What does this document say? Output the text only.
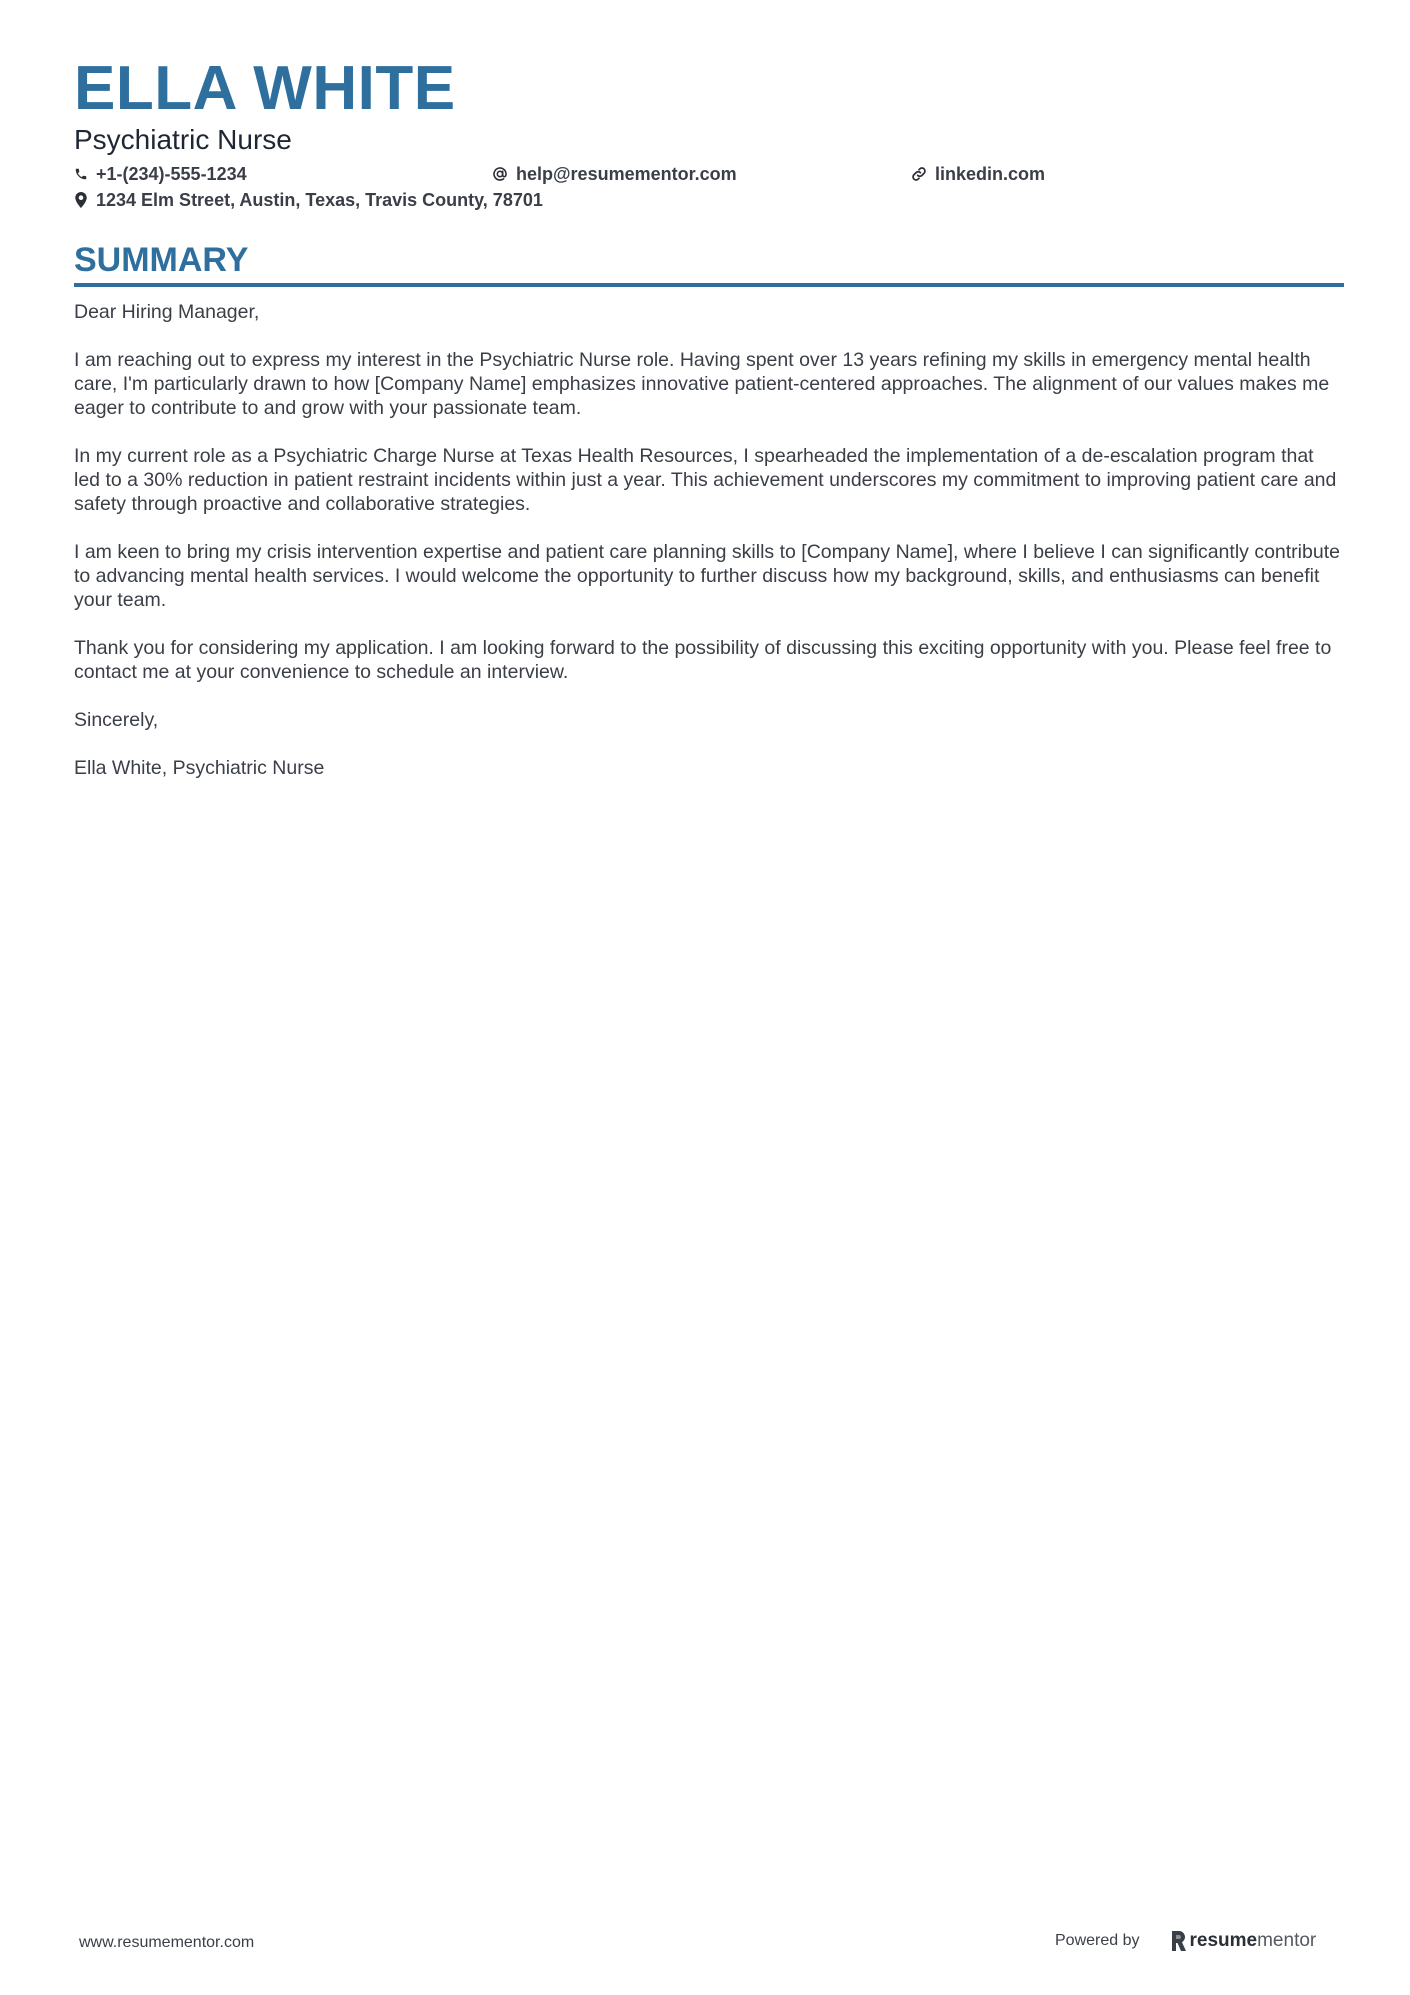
ELLA WHITE
Psychiatric Nurse
+1-(234)-555-1234	help@resumementor.com	linkedin.com
1234 Elm Street, Austin, Texas, Travis County, 78701
SUMMARY

Dear Hiring Manager,

I am reaching out to express my interest in the Psychiatric Nurse role. Having spent over 13 years refining my skills in emergency mental health care, I'm particularly drawn to how [Company Name] emphasizes innovative patient-centered approaches. The alignment of our values makes me eager to contribute to and grow with your passionate team.

In my current role as a Psychiatric Charge Nurse at Texas Health Resources, I spearheaded the implementation of a de-escalation program that led to a 30% reduction in patient restraint incidents within just a year. This achievement underscores my commitment to improving patient care and safety through proactive and collaborative strategies.

I am keen to bring my crisis intervention expertise and patient care planning skills to [Company Name], where I believe I can significantly contribute to advancing mental health services. I would welcome the opportunity to further discuss how my background, skills, and enthusiasms can benefit your team.

Thank you for considering my application. I am looking forward to the possibility of discussing this exciting opportunity with you. Please feel free to contact me at your convenience to schedule an interview.

Sincerely,

Ella White, Psychiatric Nurse

www.resumementor.com	Powered by	resume mentor
